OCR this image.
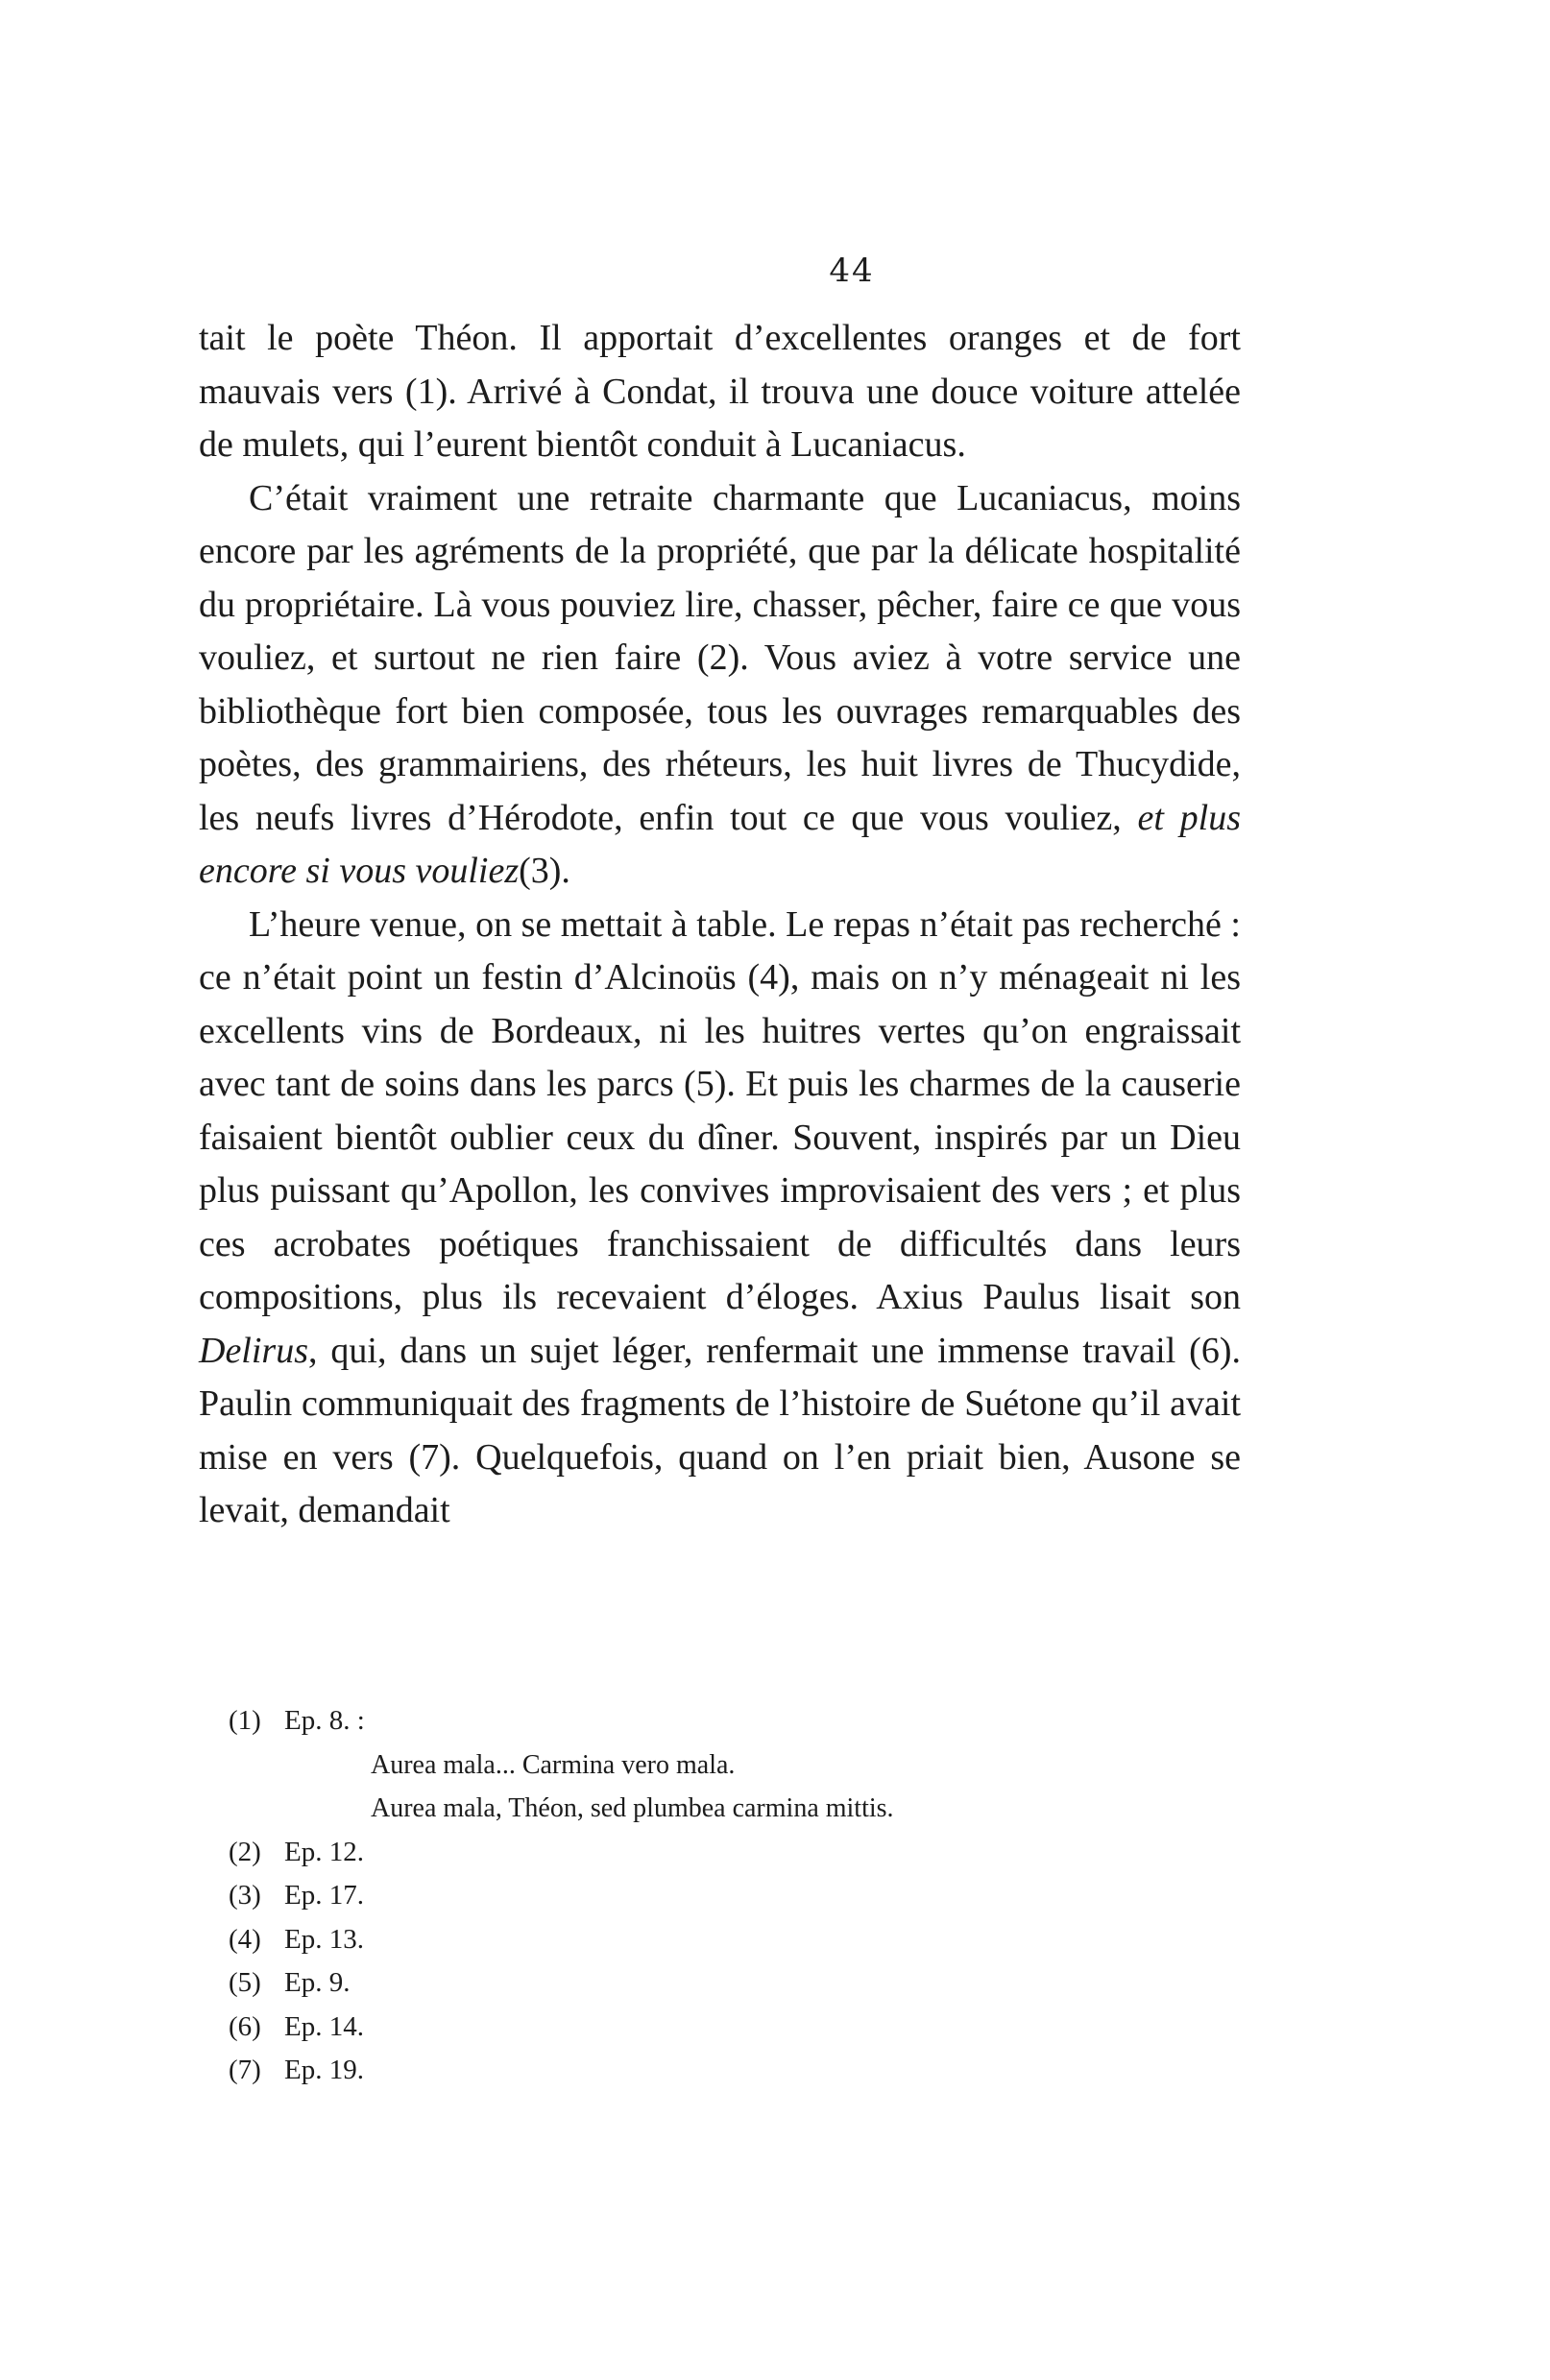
44

tait le poète Théon. Il apportait d’excellentes oranges et de fort mauvais vers (1). Arrivé à Condat, il trouva une douce voiture attelée de mulets, qui l’eurent bientôt conduit à Lucaniacus.

C’était vraiment une retraite charmante que Lucaniacus, moins encore par les agréments de la propriété, que par la délicate hospitalité du propriétaire. Là vous pouviez lire, chasser, pêcher, faire ce que vous vouliez, et surtout ne rien faire (2). Vous aviez à votre service une bibliothèque fort bien composée, tous les ouvrages remarquables des poètes, des grammairiens, des rhéteurs, les huit livres de Thucydide, les neufs livres d’Hérodote, enfin tout ce que vous vouliez, et plus encore si vous vouliez(3).

L’heure venue, on se mettait à table. Le repas n’était pas recherché : ce n’était point un festin d’Alcinoüs (4), mais on n’y ménageait ni les excellents vins de Bordeaux, ni les huitres vertes qu’on engraissait avec tant de soins dans les parcs (5). Et puis les charmes de la causerie faisaient bientôt oublier ceux du dîner. Souvent, inspirés par un Dieu plus puissant qu’Apollon, les convives improvisaient des vers ; et plus ces acrobates poétiques franchissaient de difficultés dans leurs compositions, plus ils recevaient d’éloges. Axius Paulus lisait son Delirus, qui, dans un sujet léger, renfermait une immense travail (6). Paulin communiquait des fragments de l’histoire de Suétone qu’il avait mise en vers (7). Quelquefois, quand on l’en priait bien, Ausone se levait, demandait

(1) Ep. 8. :
Aurea mala... Carmina vero mala.
Aurea mala, Théon, sed plumbea carmina mittis.
(2) Ep. 12.
(3) Ep. 17.
(4) Ep. 13.
(5) Ep. 9.
(6) Ep. 14.
(7) Ep. 19.
